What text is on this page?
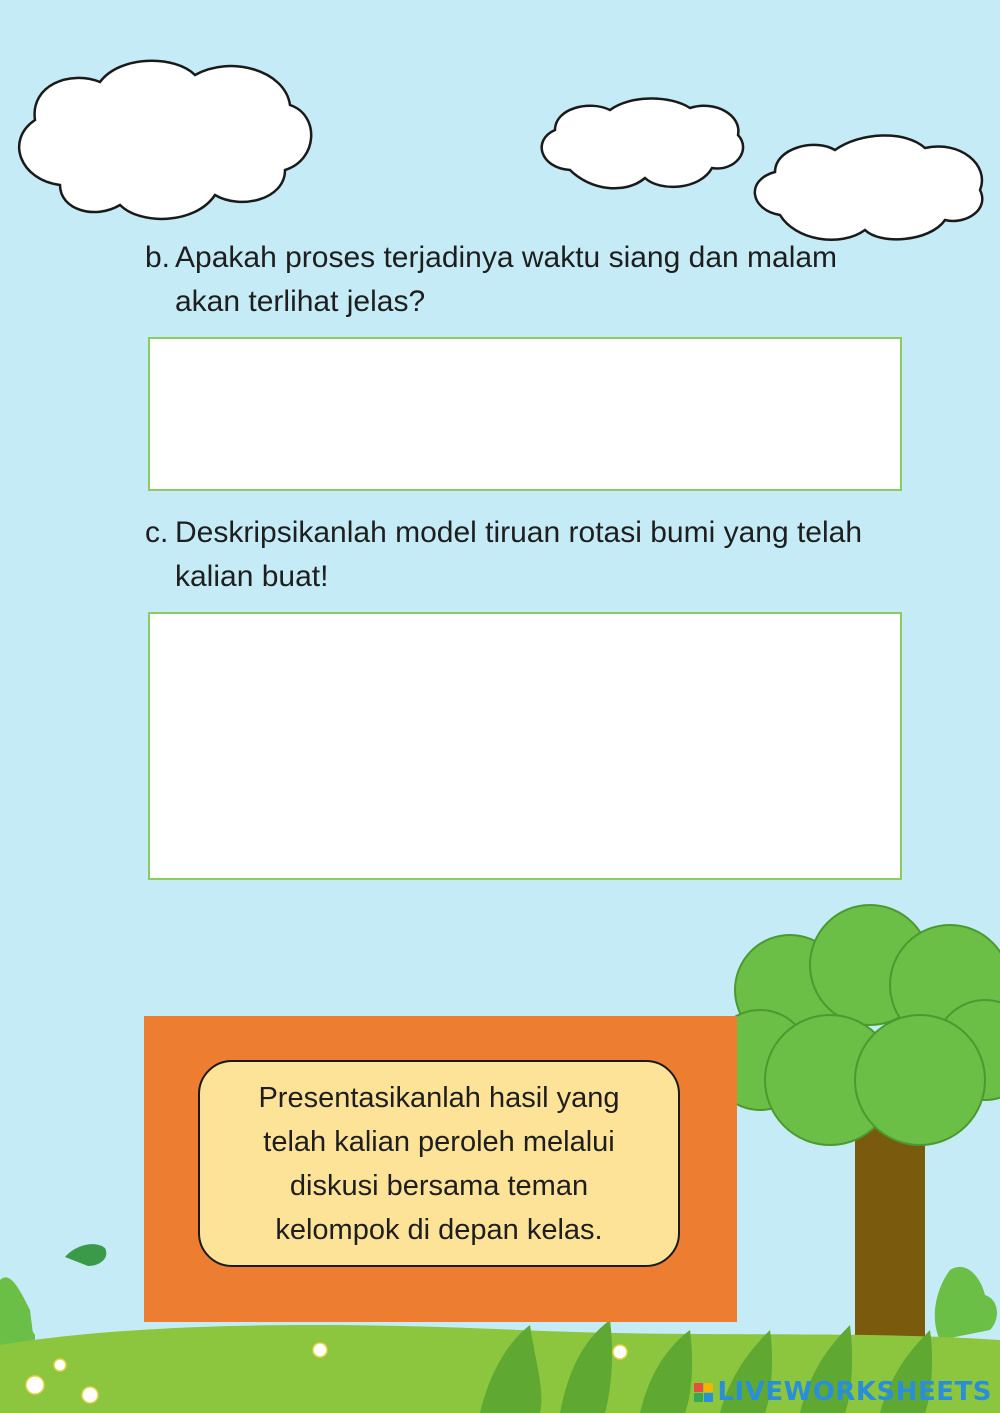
b. Apakah proses terjadinya waktu siang dan malam akan terlihat jelas?
c. Deskripsikanlah model tiruan rotasi bumi yang telah kalian buat!
Presentasikanlah hasil yang telah kalian peroleh melalui diskusi bersama teman kelompok di depan kelas.
LIVEWORKSHEETS
